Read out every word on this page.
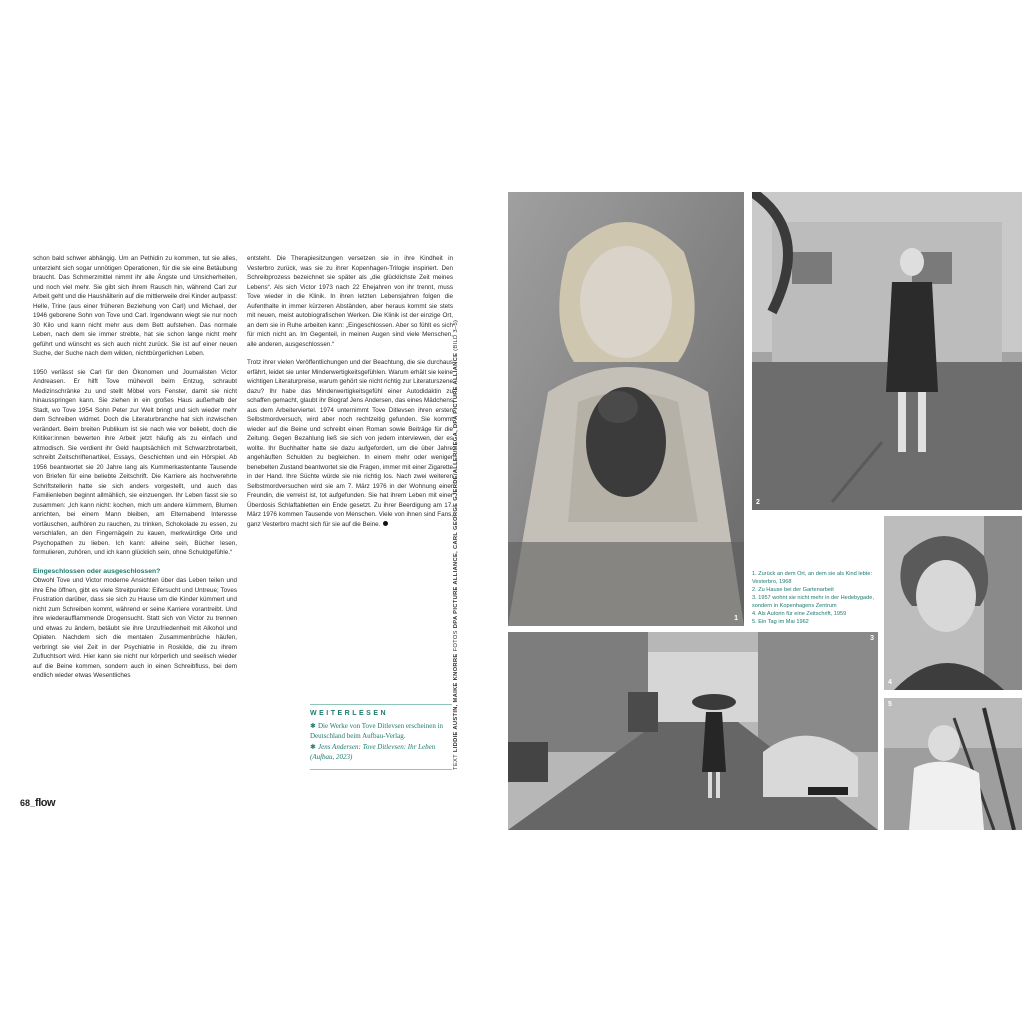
schon bald schwer abhängig. Um an Pethidin zu kommen, tut sie alles, unterzieht sich sogar unnötigen Operationen, für die sie eine Betäubung braucht. Das Schmerzmittel nimmt ihr alle Ängste und Unsicherheiten, und noch viel mehr. Sie gibt sich ihrem Rausch hin, während Carl zur Arbeit geht und die Haushälterin auf die mittlerweile drei Kinder aufpasst: Helle, Trine (aus einer früheren Beziehung von Carl) und Michael, der 1946 geborene Sohn von Tove und Carl. Irgendwann wiegt sie nur noch 30 Kilo und kann nicht mehr aus dem Bett aufstehen. Das normale Leben, nach dem sie immer strebte, hat sie schon lange nicht mehr geführt und wünscht es sich auch nicht zurück. Sie ist auf einer neuen Suche, der Suche nach dem wilden, nichtbürgerlichen Leben.

1950 verlässt sie Carl für den Ökonomen und Journalisten Victor Andreasen. Er hilft Tove mühevoll beim Entzug, schraubt Medizinschränke zu und stellt Möbel vors Fenster, damit sie nicht hinausspringen kann. Sie ziehen in ein großes Haus außerhalb der Stadt, wo Tove 1954 Sohn Peter zur Welt bringt und sich wieder mehr dem Schreiben widmet. Doch die Literaturbranche hat sich inzwischen verändert. Beim breiten Publikum ist sie nach wie vor beliebt, doch die Kritiker:innen bewerten ihre Arbeit jetzt häufig als zu einfach und altmodisch. Sie verdient ihr Geld hauptsächlich mit Schwarzbrotarbeit, schreibt Zeitschriftenartikel, Essays, Geschichten und ein Hörspiel. Ab 1956 beantwortet sie 20 Jahre lang als Kummerkastentante Tausende von Briefen für eine beliebte Zeitschrift. Die Karriere als hochverehrte Schriftstellerin hatte sie sich anders vorgestellt, und auch das Familienleben beginnt allmählich, sie einzuengen. Ihr Leben fasst sie so zusammen: „Ich kann nicht: kochen, mich um andere kümmern, Blumen anrichten, bei einem Mann bleiben, am Elternabend Interesse vortäuschen, aufhören zu rauchen, zu trinken, Schokolade zu essen, zu verschlafen, an den Fingernägeln zu kauen, merkwürdige Orte und Psychopathen zu lieben. Ich kann: alleine sein, Bücher lesen, formulieren, zuhören, und ich kann glücklich sein, ohne Schuldgefühle.“

Eingeschlossen oder ausgeschlossen?

Obwohl Tove und Victor moderne Ansichten über das Leben teilen und ihre Ehe öffnen, gibt es viele Streitpunkte: Eifersucht und Untreue; Toves Frustration darüber, dass sie sich zu Hause um die Kinder kümmert und nicht zum Schreiben kommt, während er seine Karriere vorantreibt. Und ihre wiederaufflammende Drogensucht. Statt sich von Victor zu trennen und etwas zu ändern, betäubt sie ihre Unzufriedenheit mit Alkohol und Opiaten. Nachdem sich die mentalen Zusammenbrüche häufen, verbringt sie viel Zeit in der Psychiatrie in Roskilde, die zu ihrem Zufluchtsort wird. Hier kann sie nicht nur körperlich und seelisch wieder auf die Beine kommen, sondern auch in einen Schreibfluss, bei dem endlich wieder etwas Wesentliches

entsteht. Die Therapiesitzungen versetzen sie in ihre Kindheit in Vesterbro zurück, was sie zu ihrer Kopenhagen-Trilogie inspiriert. Den Schreibprozess bezeichnet sie später als „die glücklichste Zeit meines Lebens“. Als sich Victor 1973 nach 22 Ehejahren von ihr trennt, muss Tove wieder in die Klinik. In ihren letzten Lebensjahren folgen die Aufenthalte in immer kürzeren Abständen, aber heraus kommt sie stets mit neuen, meist autobiografischen Werken. Die Klinik ist der einzige Ort, an dem sie in Ruhe arbeiten kann: „Eingeschlossen. Aber so fühlt es sich für mich nicht an. Im Gegenteil, in meinen Augen sind viele Menschen, alle anderen, ausgeschlossen.“

Trotz ihrer vielen Veröffentlichungen und der Beachtung, die sie durchaus erfährt, leidet sie unter Minderwertigkeitsgefühlen. Warum erhält sie keine wichtigen Literaturpreise, warum gehört sie nicht richtig zur Literaturszene dazu? Ihr habe das Minderwertigkeitsgefühl einer Autodidaktin zu schaffen gemacht, glaubt ihr Biograf Jens Andersen, das eines Mädchens aus dem Arbeiterviertel. 1974 unternimmt Tove Ditlevsen ihren ersten Selbstmordversuch, wird aber noch rechtzeitig gefunden. Sie kommt wieder auf die Beine und schreibt einen Roman sowie Beiträge für die Zeitung. Gegen Bezahlung ließ sie sich von jedem interviewen, der es wollte. Ihr Buchhalter hatte sie dazu aufgefordert, um die über Jahre angehäuften Schulden zu begleichen. In einem mehr oder weniger benebelten Zustand beantwortet sie die Fragen, immer mit einer Zigarette in der Hand. Ihre Süchte würde sie nie richtig los. Nach zwei weiteren Selbstmordversuchen wird sie am 7. März 1976 in der Wohnung einer Freundin, die verreist ist, tot aufgefunden. Sie hat ihrem Leben mit einer Überdosis Schlaftabletten ein Ende gesetzt. Zu ihrer Beerdigung am 17. März 1976 kommen Tausende von Menschen. Viele von ihnen sind Fans, ganz Vesterbro macht sich für sie auf die Beine.

WEITERLESEN
✱ Die Werke von Tove Ditlevsen erscheinen in Deutschland beim Aufbau-Verlag.
✱ Jens Andersen: Tove Ditlevsen: Ihr Leben (Aufbau, 2023)	TEXT LIDDIE AUSTIN, MAIKE KNORRE FOTOS DPA PICTURE ALLIANCE, CARL GEORGE GJERDE/ALLER/MEGA, DPA PICTURE ALLIANCE (BILD 3–5)
68_flow
1
2
1. Zurück an dem Ort, an dem sie als Kind lebte: Vesterbro, 1968
2. Zu Hause bei der Gartenarbeit
3. 1957 wohnt sie nicht mehr in der Hedebygade, sondern in Kopenhagens Zentrum
4. Als Autorin für eine Zeitschrift, 1959
5. Ein Tag im Mai 1962
4
3
5
